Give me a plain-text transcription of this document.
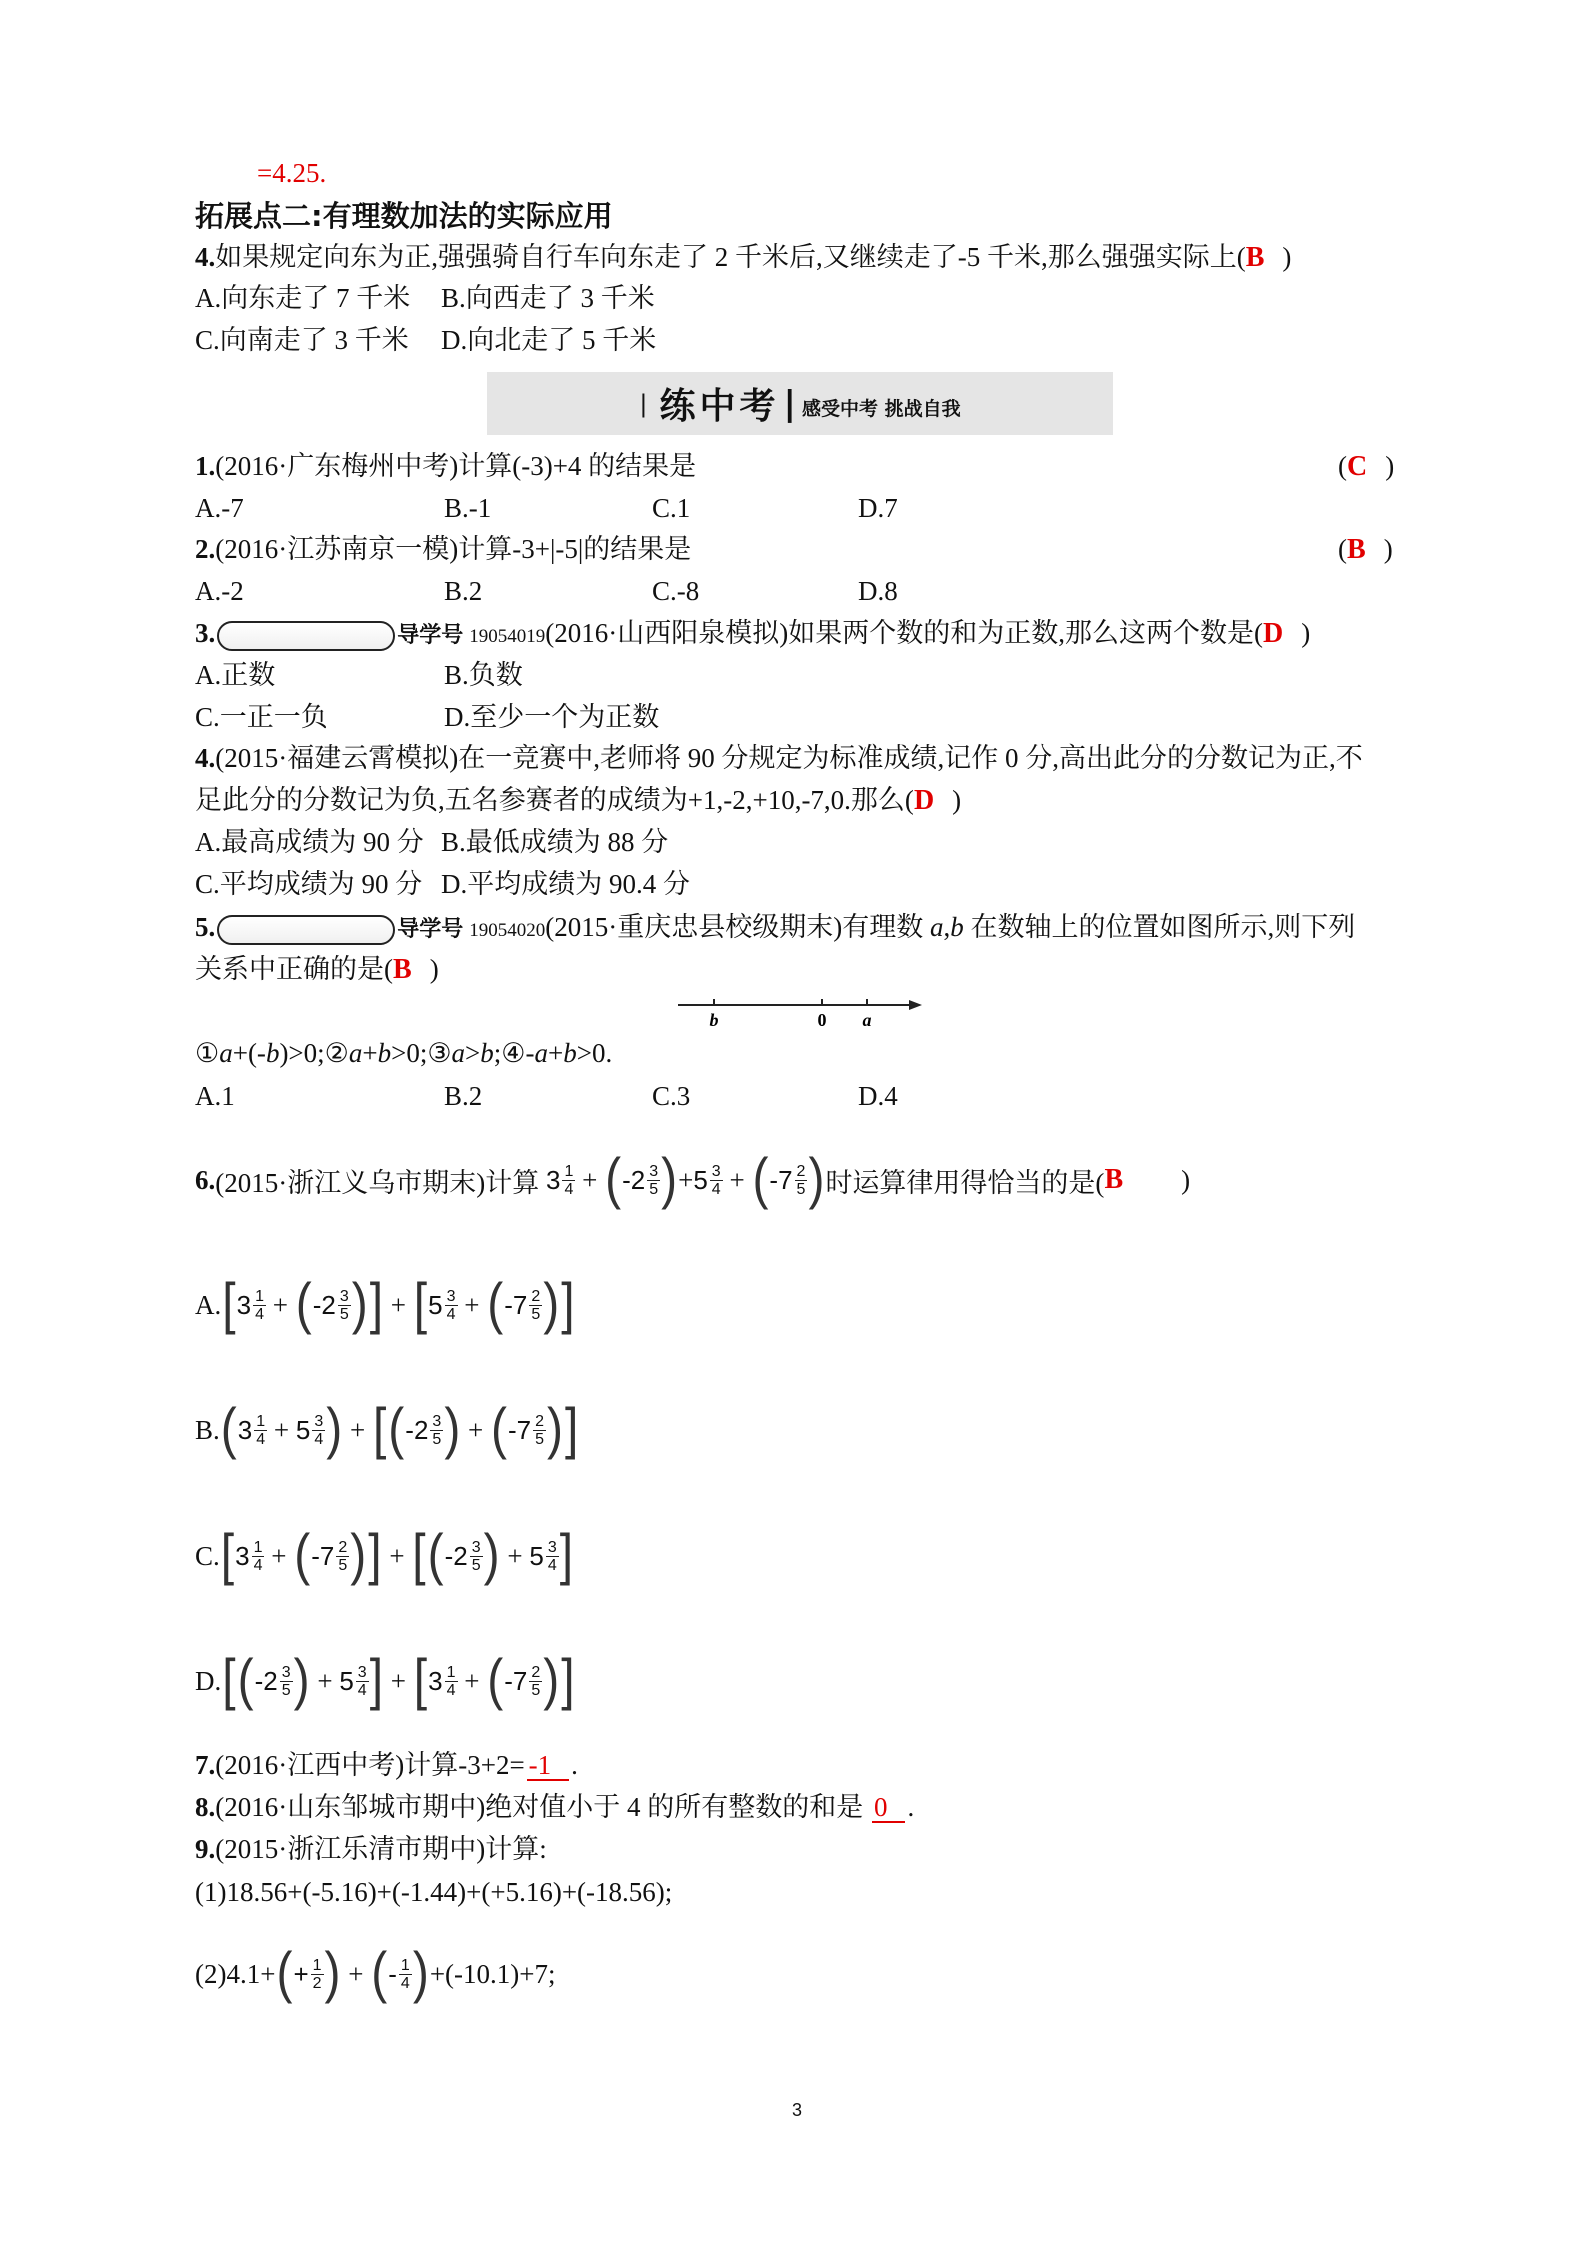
=4.25.
拓展点二:有理数加法的实际应用
4.如果规定向东为正,强强骑自行车向东走了 2 千米后,又继续走了-5 千米,那么强强实际上(B )
A.向东走了 7 千米 B.向西走了 3 千米
C.向南走了 3 千米 D.向北走了 5 千米
| 练中考 | 感受中考 挑战自我
1.(2016·广东梅州中考)计算(-3)+4 的结果是	(C )
A.-7	B.-1	C.1	D.7
2.(2016·江苏南京一模)计算-3+|-5|的结果是	(B )
A.-2	B.2	C.-8	D.8
3.	导学号 19054019(2016·山西阳泉模拟)如果两个数的和为正数,那么这两个数是(D )
A.正数	B.负数
C.一正一负	D.至少一个为正数
4.(2015·福建云霄模拟)在一竞赛中,老师将 90 分规定为标准成绩,记作 0 分,高出此分的分数记为正,不
足此分的分数记为负,五名参赛者的成绩为+1,-2,+10,-7,0.那么(D )
A.最高成绩为 90 分 B.最低成绩为 88 分
C.平均成绩为 90 分 D.平均成绩为 90.4 分
5.	导学号 19054020 (2015·重庆忠县校级期末)有理数 a , b 在数轴上的位置如图所示,则下列
关系中正确的是(B )
b	0 a
① a +(- b )>0;② a + b >0;③ a > b ;④- a + b >0.
A.1	B.2	C.3	D.4
6. (2015·浙江义乌市期末)计算 $3 \frac{1}{4}$ + ( $-2 \frac{3}{5}$ ) + $5 \frac{3}{4}$ + ( $-7 \frac{2}{5}$ ) 时运算律用得恰当的是( B )
A. [ $3 \frac{1}{4}$ + ( $-2 \frac{3}{5}$ ) ] + [ $5 \frac{3}{4}$ + ( $-7 \frac{2}{5}$ ) ]
B. ( $3 \frac{1}{4} + 5 \frac{3}{4}$ ) + [ ( $-2 \frac{3}{5}$ ) + ( $-7 \frac{2}{5}$ ) ]
C. [ $3 \frac{1}{4}$ + ( $-7 \frac{2}{5}$ ) ] + [ ( $-2 \frac{3}{5}$ ) + $5 \frac{3}{4}$ ]
D. [ ( $-2 \frac{3}{5}$ ) + $5 \frac{3}{4}$ ] + [ $3 \frac{1}{4}$ + ( $-7 \frac{2}{5}$ ) ]
7.(2016·江西中考)计算-3+2= -1 .
8.(2016·山东邹城市期中)绝对值小于 4 的所有整数的和是 0 .
9.(2015·浙江乐清市期中)计算:
(1)18.56+(-5.16)+(-1.44)+(+5.16)+(-18.56);
(2)4.1+ ( + $\frac{1}{2}$ ) + ( - $\frac{1}{4}$ ) +(-10.1)+7;
3
